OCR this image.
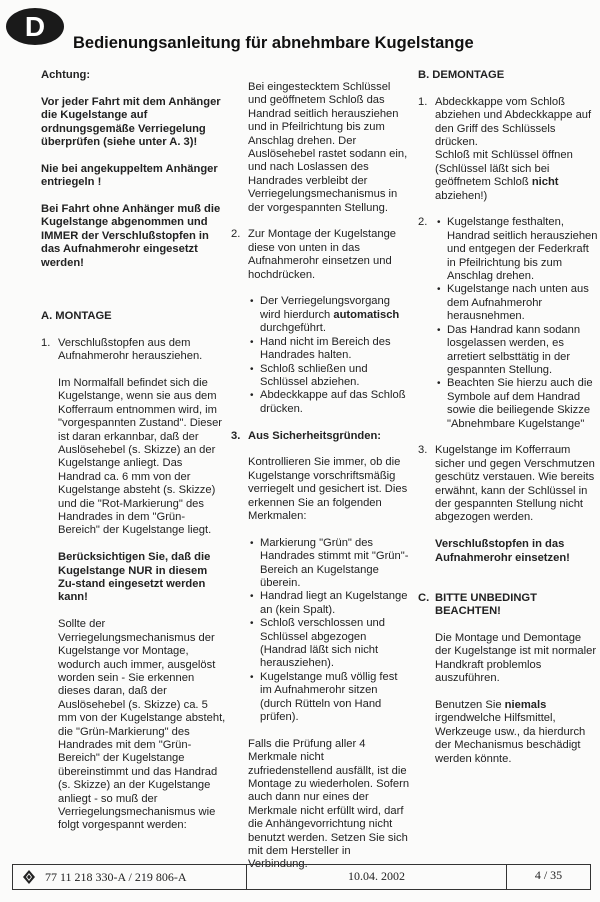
D
Bedienungsanleitung für abnehmbare Kugelstange

Achtung:

Vor jeder Fahrt mit dem Anhänger die Kugelstange auf ordnungsgemäße Verriegelung überprüfen (siehe unter A. 3)!

Nie bei angekuppeltem Anhänger entriegeln !

Bei Fahrt ohne Anhänger muß die Kugelstange abgenommen und IMMER der Verschlußstopfen in das Aufnahmerohr eingesetzt werden!

A. MONTAGE

1. Verschlußstopfen aus dem Aufnahmerohr herausziehen.

Im Normalfall befindet sich die Kugelstange, wenn sie aus dem Kofferraum entnommen wird, im "vorgespannten Zustand". Dieser ist daran erkannbar, daß der Auslösehebel (s. Skizze) an der Kugelstange anliegt. Das Handrad ca. 6 mm von der Kugelstange absteht (s. Skizze) und die "Rot-Markierung" des Handrades in dem "Grün-Bereich" der Kugelstange liegt.

Berücksichtigen Sie, daß die Kugelstange NUR in diesem Zu-stand eingesetzt werden kann!

Sollte der Verriegelungsmechanismus der Kugelstange vor Montage, wodurch auch immer, ausgelöst worden sein - Sie erkennen dieses daran, daß der Auslösehebel (s. Skizze) ca. 5 mm von der Kugelstange absteht, die "Grün-Markierung" des Handrades mit dem "Grün-Bereich" der Kugelstange übereinstimmt und das Handrad (s. Skizze) an der Kugelstange anliegt - so muß der Verriegelungsmechanismus wie folgt vorgespannt werden:

Bei eingestecktem Schlüssel und geöffnetem Schloß das Handrad seitlich herausziehen und in Pfeilrichtung bis zum Anschlag drehen. Der Auslösehebel rastet sodann ein, und nach Loslassen des Handrades verbleibt der Verriegelungsmechanismus in der vorgespannten Stellung.

2. Zur Montage der Kugelstange diese von unten in das Aufnahmerohr einsetzen und hochdrücken.

• Der Verriegelungsvorgang wird hierdurch automatisch durchgeführt.
• Hand nicht im Bereich des Handrades halten.
• Schloß schließen und Schlüssel abziehen.
• Abdeckkappe auf das Schloß drücken.
3. Aus Sicherheitsgründen:

Kontrollieren Sie immer, ob die Kugelstange vorschriftsmäßig verriegelt und gesichert ist. Dies erkennen Sie an folgenden Merkmalen:

• Markierung "Grün" des Handrades stimmt mit "Grün"-Bereich an Kugelstange überein.
• Handrad liegt an Kugelstange an (kein Spalt).
• Schloß verschlossen und Schlüssel abgezogen (Handrad läßt sich nicht herausziehen).
• Kugelstange muß völlig fest im Aufnahmerohr sitzen (durch Rütteln von Hand prüfen).

Falls die Prüfung aller 4 Merkmale nicht zufriedenstellend ausfällt, ist die Montage zu wiederholen. Sofern auch dann nur eines der Merkmale nicht erfüllt wird, darf die Anhängevorrichtung nicht benutzt werden. Setzen Sie sich mit dem Hersteller in Verbindung.

B. DEMONTAGE

1. Abdeckkappe vom Schloß abziehen und Abdeckkappe auf den Griff des Schlüssels drücken.

Schloß mit Schlüssel öffnen (Schlüssel läßt sich bei geöffnetem Schloß nicht abziehen!)

2.	• Kugelstange festhalten, Handrad seitlich herausziehen und entgegen der Federkraft in Pfeilrichtung bis zum Anschlag drehen.
• Kugelstange nach unten aus dem Aufnahmerohr herausnehmen.
• Das Handrad kann sodann losgelassen werden, es arretiert selbsttätig in der gespannten Stellung.
• Beachten Sie hierzu auch die Symbole auf dem Handrad sowie die beiliegende Skizze "Abnehmbare Kugelstange"
3. Kugelstange im Kofferraum sicher und gegen Verschmutzen geschütz verstauen. Wie bereits erwähnt, kann der Schlüssel in der gespannten Stellung nicht abgezogen werden.

Verschlußstopfen in das Aufnahmerohr einsetzen!

C. BITTE UNBEDINGT BEACHTEN!

Die Montage und Demontage der Kugelstange ist mit normaler Handkraft problemlos auszuführen.

Benutzen Sie niemals irgendwelche Hilfsmittel, Werkzeuge usw., da hierdurch der Mechanismus beschädigt werden könnte.

77 11 218 330-A / 219 806-A	10.04. 2002	4 / 35
